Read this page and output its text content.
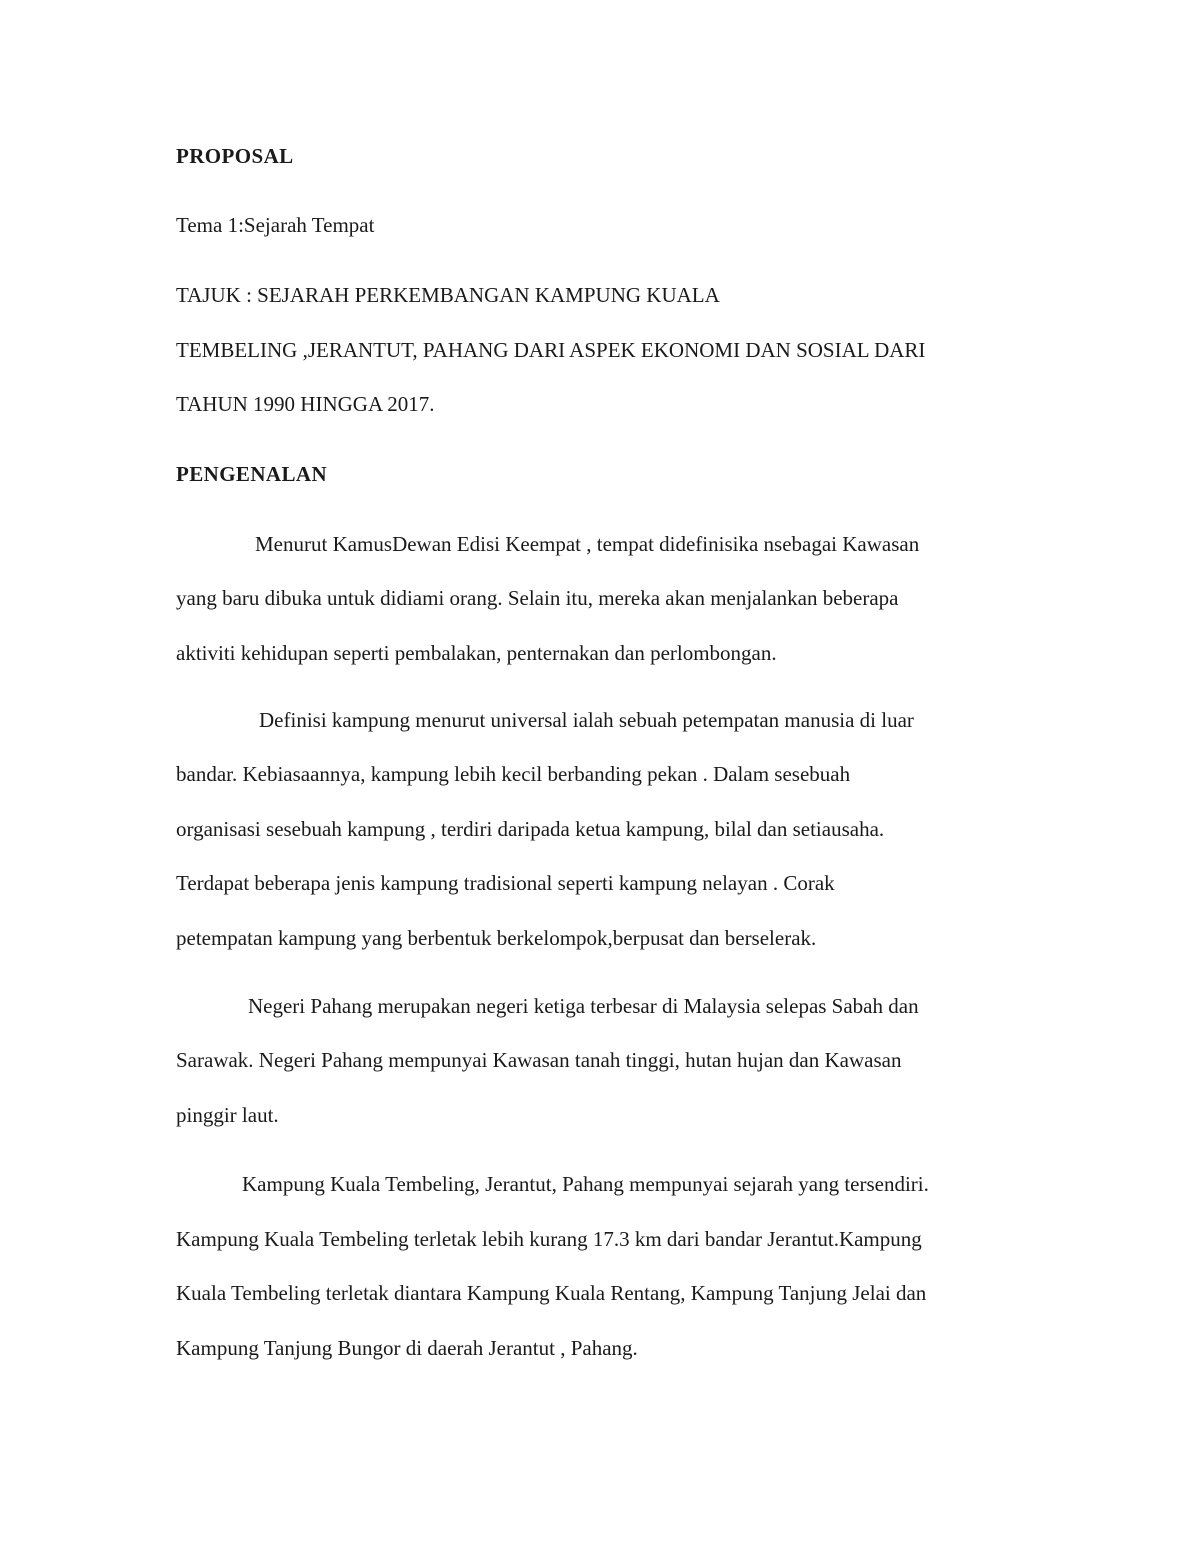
PROPOSAL
Tema 1:Sejarah Tempat
TAJUK : SEJARAH PERKEMBANGAN KAMPUNG KUALA
TEMBELING ,JERANTUT, PAHANG DARI ASPEK EKONOMI DAN SOSIAL DARI
TAHUN 1990 HINGGA 2017.
PENGENALAN
Menurut KamusDewan Edisi Keempat , tempat didefinisika nsebagai Kawasan
yang baru dibuka untuk didiami orang. Selain itu, mereka akan menjalankan beberapa
aktiviti kehidupan seperti pembalakan, penternakan dan perlombongan.
Definisi kampung menurut universal ialah sebuah petempatan manusia di luar
bandar. Kebiasaannya, kampung lebih kecil berbanding pekan . Dalam sesebuah
organisasi sesebuah kampung , terdiri daripada ketua kampung, bilal dan setiausaha.
Terdapat beberapa jenis kampung tradisional seperti kampung nelayan . Corak
petempatan kampung yang berbentuk berkelompok,berpusat dan berselerak.
Negeri Pahang merupakan negeri ketiga terbesar di Malaysia selepas Sabah dan
Sarawak. Negeri Pahang mempunyai Kawasan tanah tinggi, hutan hujan dan Kawasan
pinggir laut.
Kampung Kuala Tembeling, Jerantut, Pahang mempunyai sejarah yang tersendiri.
Kampung Kuala Tembeling terletak lebih kurang 17.3 km dari bandar Jerantut.Kampung
Kuala Tembeling terletak diantara Kampung Kuala Rentang, Kampung Tanjung Jelai dan
Kampung Tanjung Bungor di daerah Jerantut , Pahang.
